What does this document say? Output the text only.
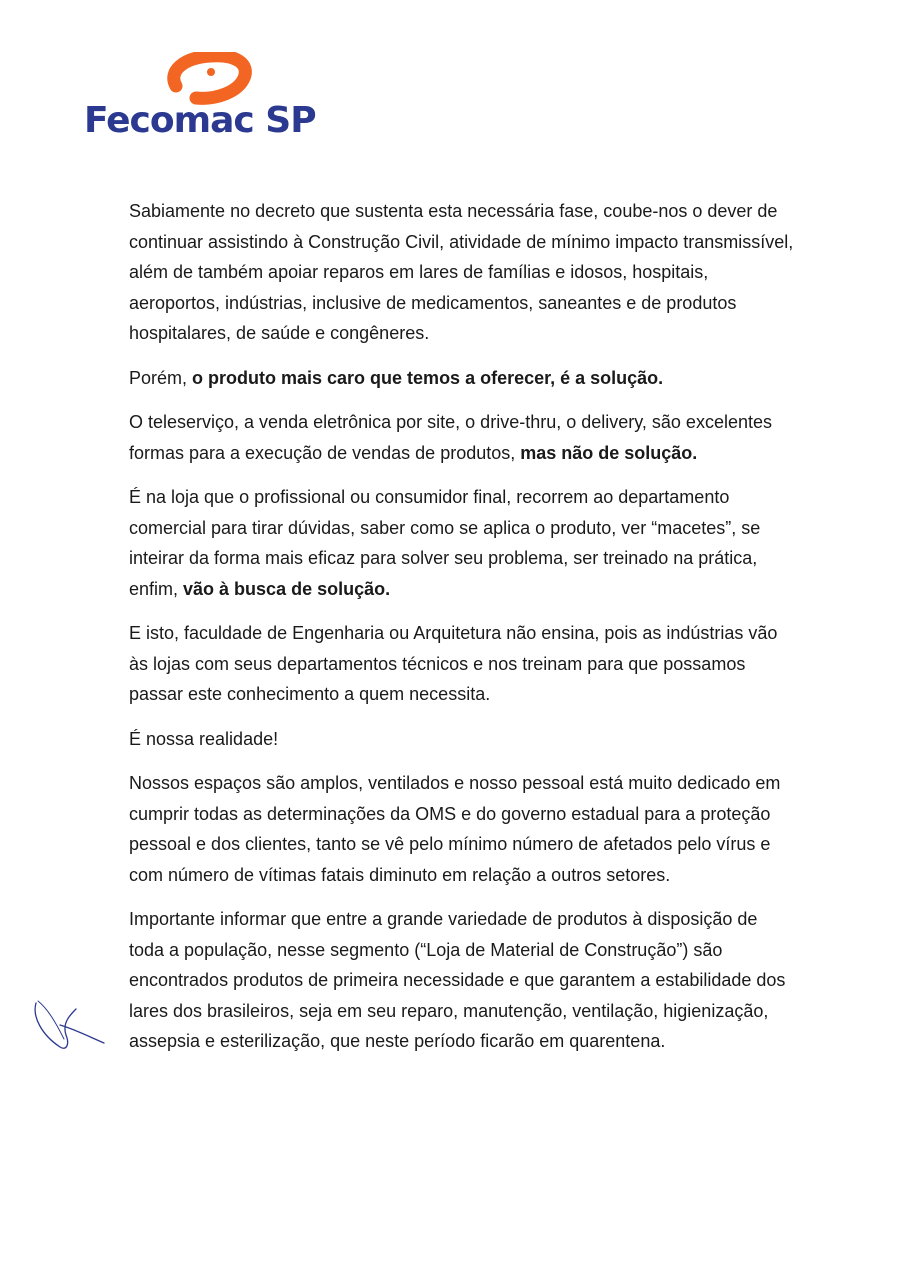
Fecomac SP

Sabiamente no decreto que sustenta esta necessária fase, coube-nos o dever de continuar assistindo à Construção Civil, atividade de mínimo impacto transmissível, além de também apoiar reparos em lares de famílias e idosos, hospitais, aeroportos, indústrias, inclusive de medicamentos, saneantes e de produtos hospitalares, de saúde e congêneres.

Porém, o produto mais caro que temos a oferecer, é a solução.

O teleserviço, a venda eletrônica por site, o drive-thru, o delivery, são excelentes formas para a execução de vendas de produtos, mas não de solução.

É na loja que o profissional ou consumidor final, recorrem ao departamento comercial para tirar dúvidas, saber como se aplica o produto, ver “macetes”, se inteirar da forma mais eficaz para solver seu problema, ser treinado na prática, enfim, vão à busca de solução.

E isto, faculdade de Engenharia ou Arquitetura não ensina, pois as indústrias vão às lojas com seus departamentos técnicos e nos treinam para que possamos passar este conhecimento a quem necessita.

É nossa realidade!

Nossos espaços são amplos, ventilados e nosso pessoal está muito dedicado em cumprir todas as determinações da OMS e do governo estadual para a proteção pessoal e dos clientes, tanto se vê pelo mínimo número de afetados pelo vírus e com número de vítimas fatais diminuto em relação a outros setores.

Importante informar que entre a grande variedade de produtos à disposição de toda a população, nesse segmento (“Loja de Material de Construção”) são encontrados produtos de primeira necessidade e que garantem a estabilidade dos lares dos brasileiros, seja em seu reparo, manutenção, ventilação, higienização, assepsia e esterilização, que neste período ficarão em quarentena.
